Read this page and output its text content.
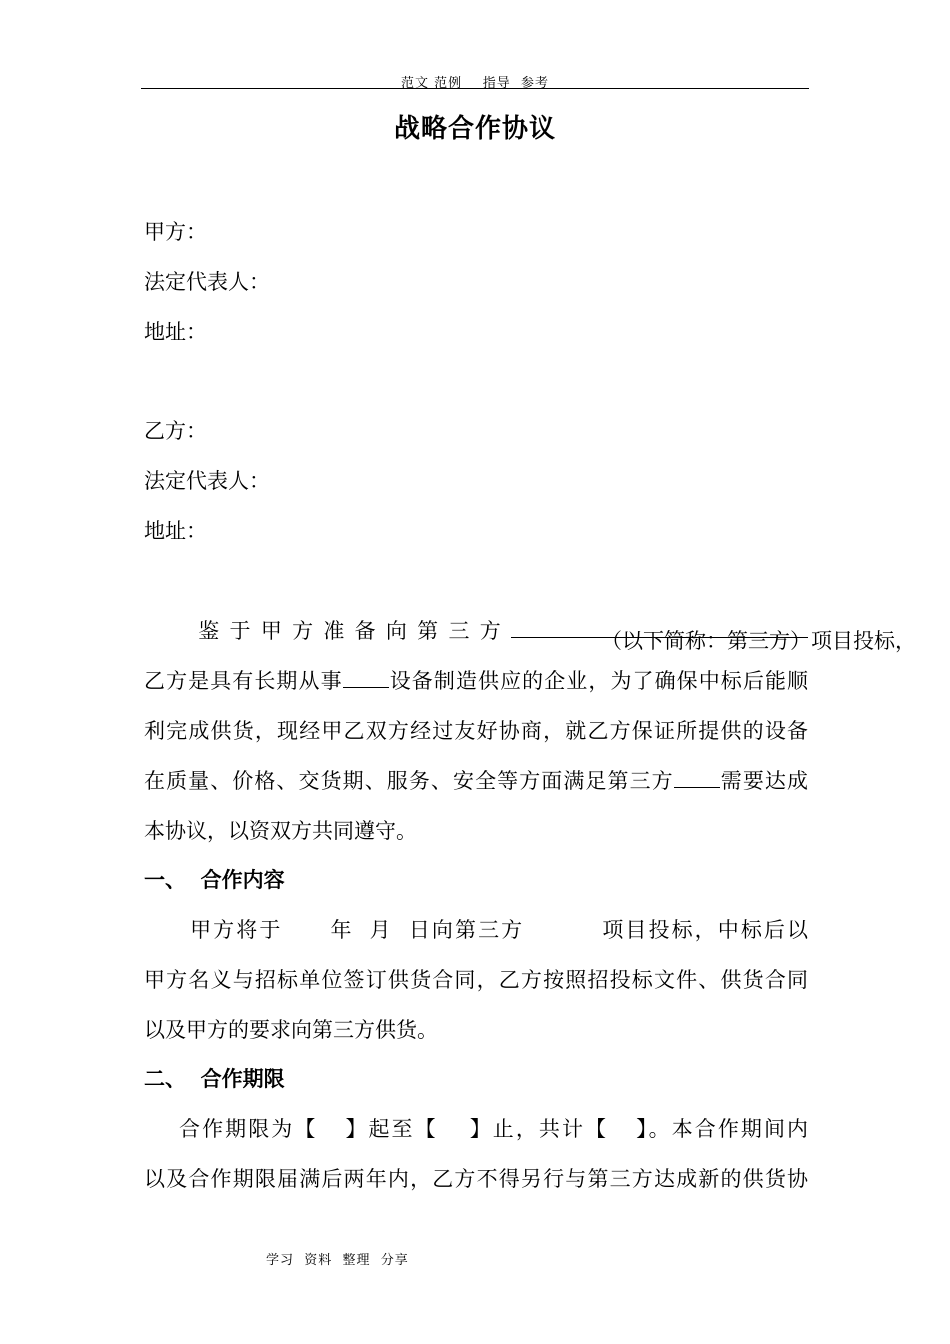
范文 范例    指导  参考
战略合作协议
甲方：
法定代表人：
地址：
乙方：
法定代表人：
地址：
鉴于甲方准备向第三方	（以下简称：第三方）项目投标，
乙方是具有长期从事 设备制造供应的企业，为了确保中标后能顺
利完成供货，现经甲乙双方经过友好协商，就乙方保证所提供的设备
在质量、价格、交货期、服务、安全等方面满足第三方 需要达成
本协议，以资双方共同遵守。
一、  合作内容
甲方将于 年 月 日向第三方	项目投标，中标后以
甲方名义与招标单位签订供货合同，乙方按照招投标文件、供货合同
以及甲方的要求向第三方供货。
二、  合作期限
合作期限为【 】起至【 】止，共计【 】。本合作期间内
以及合作期限届满后两年内，乙方不得另行与第三方达成新的供货协
学习  资料  整理  分享
